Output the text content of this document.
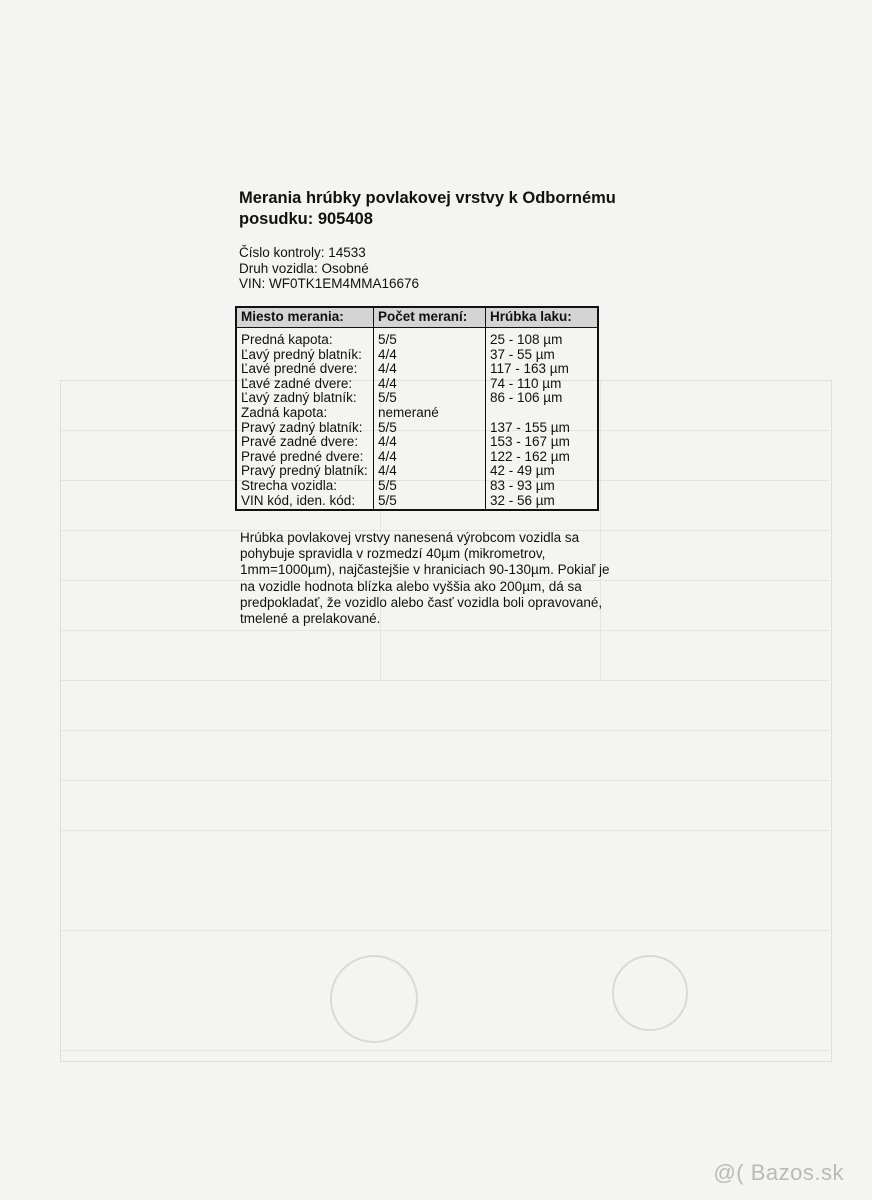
Merania hrúbky povlakovej vrstvy k Odbornému posudku: 905408
Číslo kontroly: 14533
Druh vozidla: Osobné
VIN: WF0TK1EM4MMA16676
Miesto merania:	Počet meraní:	Hrúbka laku:
Predná kapota:	5/5	25 - 108 µm
Ľavý predný blatník:	4/4	37 - 55 µm
Ľavé predné dvere:	4/4	117 - 163 µm
Ľavé zadné dvere:	4/4	74 - 110 µm
Ľavý zadný blatník:	5/5	86 - 106 µm
Zadná kapota:	nemerané	
Pravý zadný blatník:	5/5	137 - 155 µm
Pravé zadné dvere:	4/4	153 - 167 µm
Pravé predné dvere:	4/4	122 - 162 µm
Pravý predný blatník:	4/4	42 - 49 µm
Strecha vozidla:	5/5	83 - 93 µm
VIN kód, iden. kód:	5/5	32 - 56 µm
Hrúbka povlakovej vrstvy nanesená výrobcom vozidla sa pohybuje spravidla v rozmedzí 40µm (mikrometrov, 1mm=1000µm), najčastejšie v hraniciach 90-130µm. Pokiaľ je na vozidle hodnota blízka alebo vyššia ako 200µm, dá sa predpokladať, že vozidlo alebo časť vozidla boli opravované, tmelené a prelakované.
@( Bazos.sk
